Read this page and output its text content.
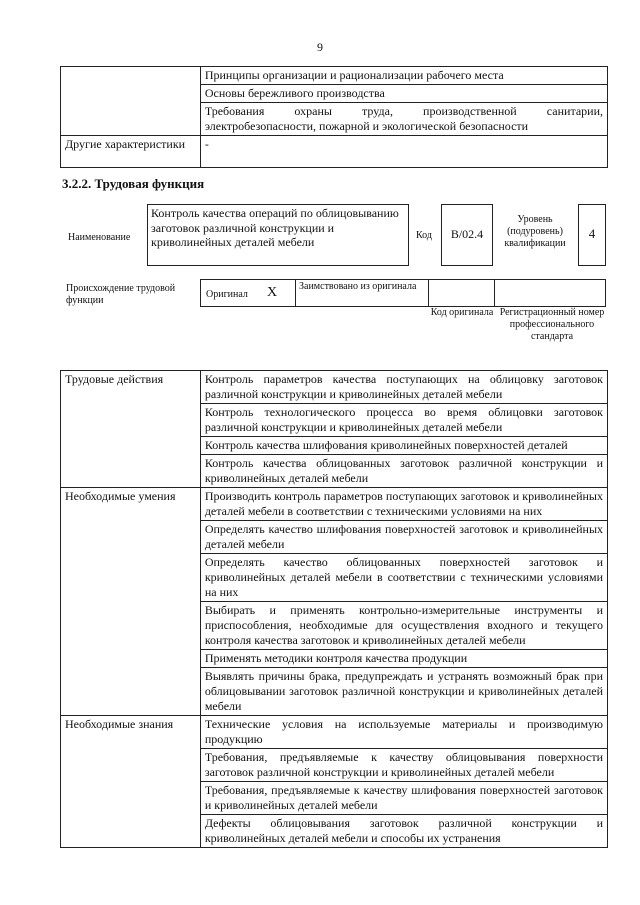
9
	Принципы организации и рационализации рабочего места
	Основы бережливого производства
	Требования охраны труда, производственной санитарии, электробезопасности, пожарной и экологической безопасности
Другие характеристики	-
3.2.2. Трудовая функция
Наименование
Контроль качества операций по облицовыванию заготовок различной конструкции и криволинейных деталей мебели	Код	B/02.4
Уровень (подуровень) квалификации
4
Происхождение трудовой функции
Оригинал X Заимствовано из оригинала
Код оригинала Регистрационный номер профессионального стандарта
Трудовые действия	Контроль параметров качества поступающих на облицовку заготовок различной конструкции и криволинейных деталей мебели
	Контроль технологического процесса во время облицовки заготовок различной конструкции и криволинейных деталей мебели
	Контроль качества шлифования криволинейных поверхностей деталей
	Контроль качества облицованных заготовок различной конструкции и криволинейных деталей мебели
Необходимые умения	Производить контроль параметров поступающих заготовок и криволинейных деталей мебели в соответствии с техническими условиями на них
	Определять качество шлифования поверхностей заготовок и криволинейных деталей мебели
	Определять качество облицованных поверхностей заготовок и криволинейных деталей мебели в соответствии с техническими условиями на них
	Выбирать и применять контрольно-измерительные инструменты и приспособления, необходимые для осуществления входного и текущего контроля качества заготовок и криволинейных деталей мебели
	Применять методики контроля качества продукции
	Выявлять причины брака, предупреждать и устранять возможный брак при облицовывании заготовок различной конструкции и криволинейных деталей мебели
Необходимые знания	Технические условия на используемые материалы и производимую продукцию
	Требования, предъявляемые к качеству облицовывания поверхности заготовок различной конструкции и криволинейных деталей мебели
	Требования, предъявляемые к качеству шлифования поверхностей заготовок и криволинейных деталей мебели
	Дефекты облицовывания заготовок различной конструкции и криволинейных деталей мебели и способы их устранения
